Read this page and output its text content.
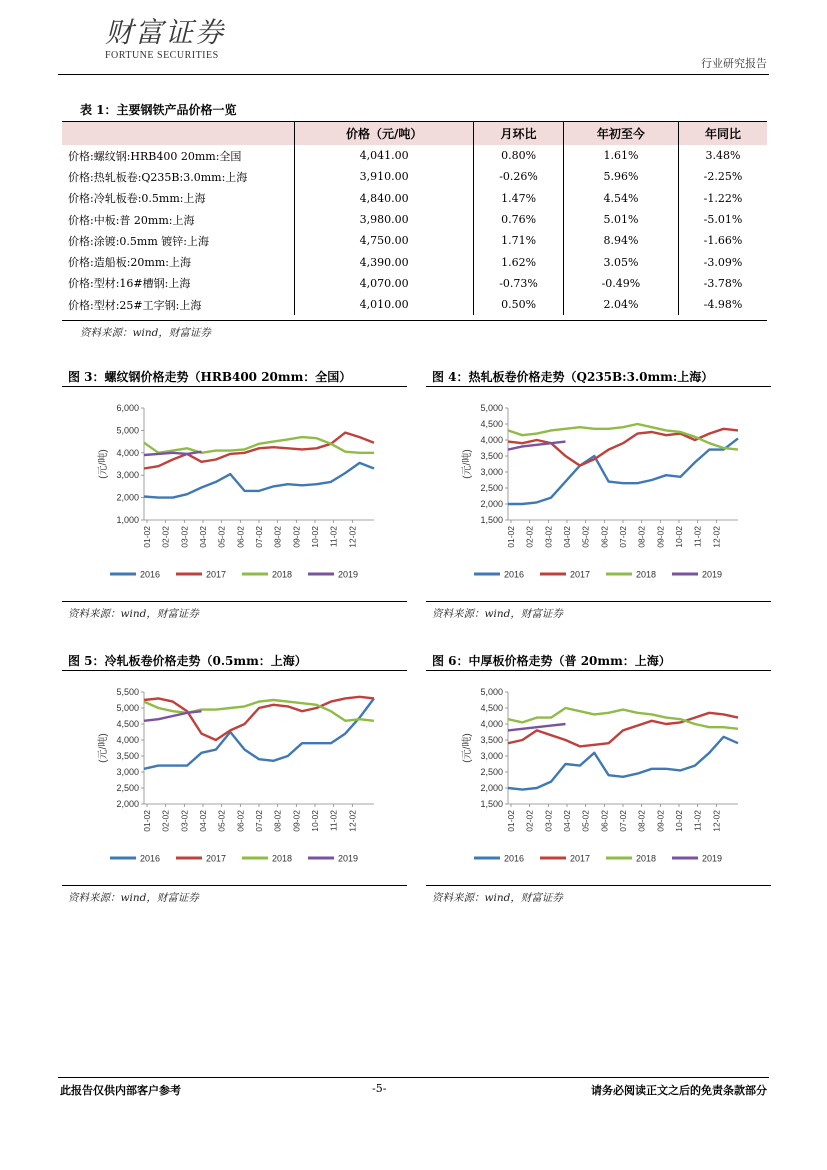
财富证券
FORTUNE SECURITIES
行业研究报告
表 1：主要钢铁产品价格一览
	价格（元/吨）	月环比	年初至今	年同比
价格:螺纹钢:HRB400 20mm:全国	4,041.00	0.80%	1.61%	3.48%
价格:热轧板卷:Q235B:3.0mm:上海	3,910.00	-0.26%	5.96%	-2.25%
价格:冷轧板卷:0.5mm:上海	4,840.00	1.47%	4.54%	-1.22%
价格:中板:普 20mm:上海	3,980.00	0.76%	5.01%	-5.01%
价格:涂镀:0.5mm 镀锌:上海	4,750.00	1.71%	8.94%	-1.66%
价格:造船板:20mm:上海	4,390.00	1.62%	3.05%	-3.09%
价格:型材:16#槽钢:上海	4,070.00	-0.73%	-0.49%	-3.78%
价格:型材:25#工字钢:上海	4,010.00	0.50%	2.04%	-4.98%
资料来源：wind，财富证券
图 3：螺纹钢价格走势（HRB400 20mm：全国）
1,000
2,000
3,000
4,000
5,000
6,000
(元/吨)
01-02 02-02 03-02 04-02 05-02 06-02 07-02 08-02 09-02 10-02 11-02 12-02
2016	2017	2018	2019
资料来源：wind，财富证券
图 4：热轧板卷价格走势（Q235B:3.0mm:上海）
1,500
2,000
2,500
3,000
3,500
4,000
4,500
5,000
(元/吨)
01-02 02-02 03-02 04-02 05-02 06-02 07-02 08-02 09-02 10-02 11-02 12-02
2016	2017	2018	2019
资料来源：wind，财富证券
图 5：冷轧板卷价格走势（0.5mm：上海）
2,000
2,500
3,000
3,500
4,000
4,500
5,000
5,500
(元/吨)
01-02 02-02 03-02 04-02 05-02 06-02 07-02 08-02 09-02 10-02 11-02 12-02
2016	2017	2018	2019
资料来源：wind，财富证券
图 6：中厚板价格走势（普 20mm：上海）
1,500
2,000
2,500
3,000
3,500
4,000
4,500
5,000
(元/吨)
01-02 02-02 03-02 04-02 05-02 06-02 07-02 08-02 09-02 10-02 11-02 12-02
2016	2017	2018	2019
资料来源：wind，财富证券
此报告仅供内部客户参考	-5-	请务必阅读正文之后的免责条款部分
